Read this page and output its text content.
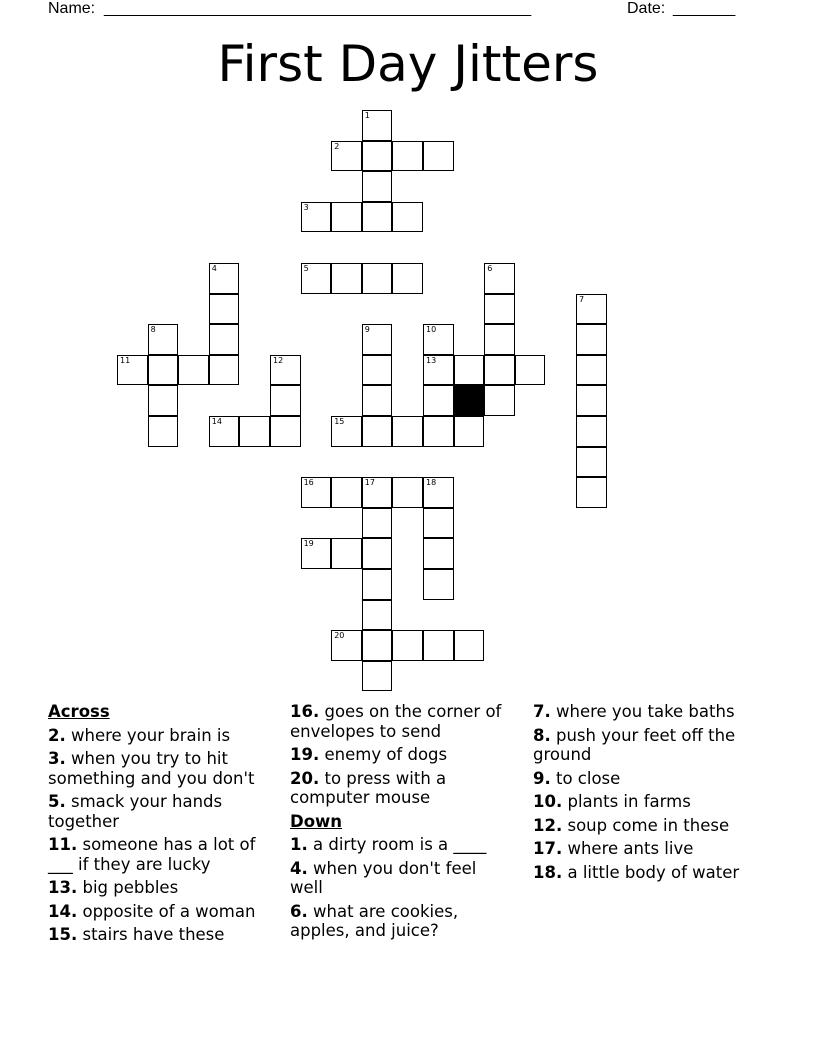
Name: ________________________________________________	Date: _______
First Day Jitters
1
2
3
4	5	6
7
8	9	10
11	12	13
14	15
16	17	18
19
20
Across
2. where your brain is
3. when you try to hit something and you don't
5. smack your hands together
11. someone has a lot of ___ if they are lucky
13. big pebbles
14. opposite of a woman
15. stairs have these
16. goes on the corner of envelopes to send
19. enemy of dogs
20. to press with a computer mouse
Down
1. a dirty room is a ____
4. when you don't feel well
6. what are cookies, apples, and juice?
7. where you take baths
8. push your feet off the ground
9. to close
10. plants in farms
12. soup come in these
17. where ants live
18. a little body of water
